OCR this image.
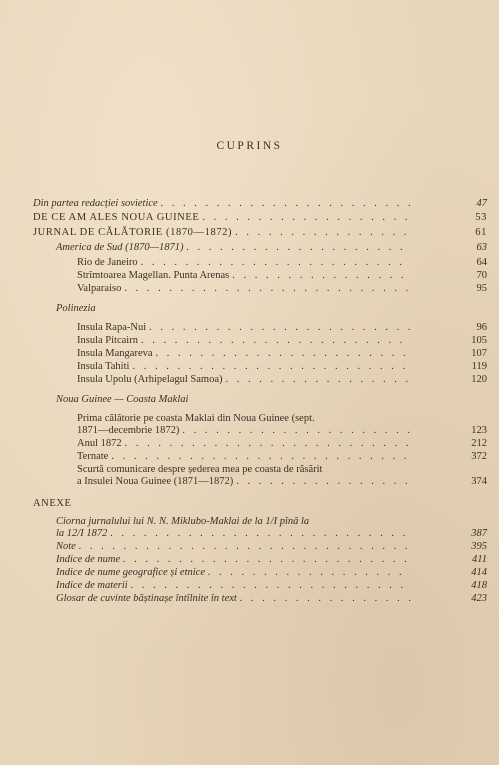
CUPRINS
Din partea redacției sovietice . . .	47
DE CE AM ALES NOUA GUINEE . . .	53
JURNAL DE CĂLĂTORIE (1870—1872) . . .	61
America de Sud (1870—1871) . . .	63
Rio de Janeiro . . .	64
Strîmtoarea Magellan. Punta Arenas . . .	70
Valparaiso . . .	95
Polinezia
Insula Rapa-Nui . . .	96
Insula Pitcairn . . .	105
Insula Mangareva . . .	107
Insula Tahiti . . .	119
Insula Upolu (Arhipelagul Samoa) . . .	120
Noua Guinee — Coasta Maklai
Prima călătorie pe coasta Maklai din Noua Guinee (sept.
1871—decembrie 1872) . . .	123
Anul 1872 . . .	212
Ternate . . .	372
Scurtă comunicare despre șederea mea pe coasta de răsărit
a Insulei Noua Guinee (1871—1872) . . .	374
ANEXE
Ciorna jurnalului lui N. N. Miklubo-Maklai de la 1/I pînă la
la 12/I 1872 . . .	387
Note . . .	395
Indice de nume . . .	411
Indice de nume geografice și etnice . . .	414
Indice de materii . . .	418
Glosar de cuvinte băștinașe întîlnite în text . . .	423
